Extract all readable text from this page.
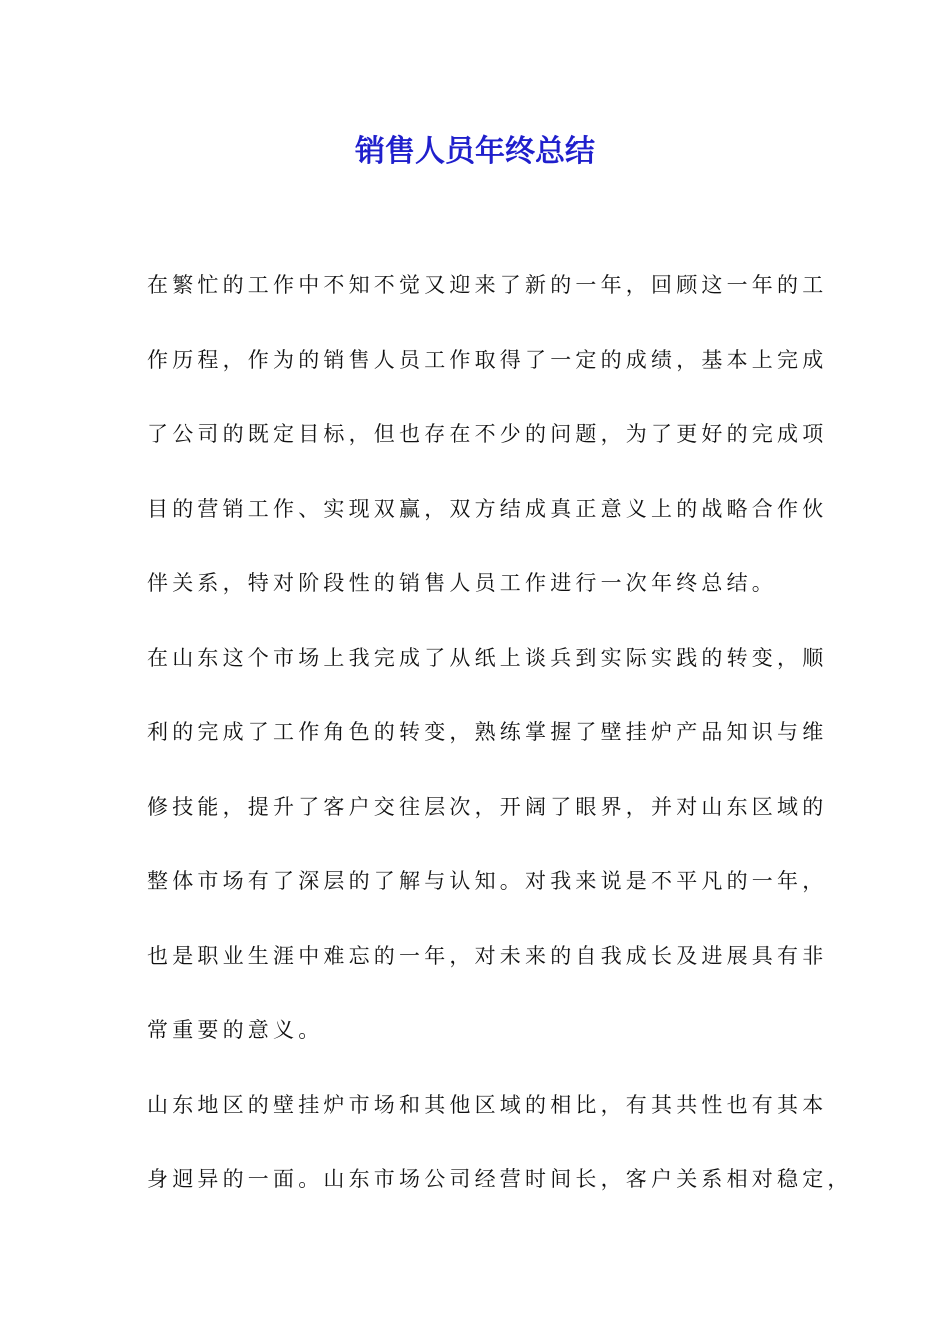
销售人员年终总结
在繁忙的工作中不知不觉又迎来了新的一年，回顾这一年的工
作历程，作为的销售人员工作取得了一定的成绩，基本上完成
了公司的既定目标，但也存在不少的问题，为了更好的完成项
目的营销工作、实现双赢，双方结成真正意义上的战略合作伙
伴关系，特对阶段性的销售人员工作进行一次年终总结。
在山东这个市场上我完成了从纸上谈兵到实际实践的转变，顺
利的完成了工作角色的转变，熟练掌握了壁挂炉产品知识与维
修技能，提升了客户交往层次，开阔了眼界，并对山东区域的
整体市场有了深层的了解与认知。对我来说是不平凡的一年，
也是职业生涯中难忘的一年，对未来的自我成长及进展具有非
常重要的意义。
山东地区的壁挂炉市场和其他区域的相比，有其共性也有其本
身迥异的一面。山东市场公司经营时间长，客户关系相对稳定，
